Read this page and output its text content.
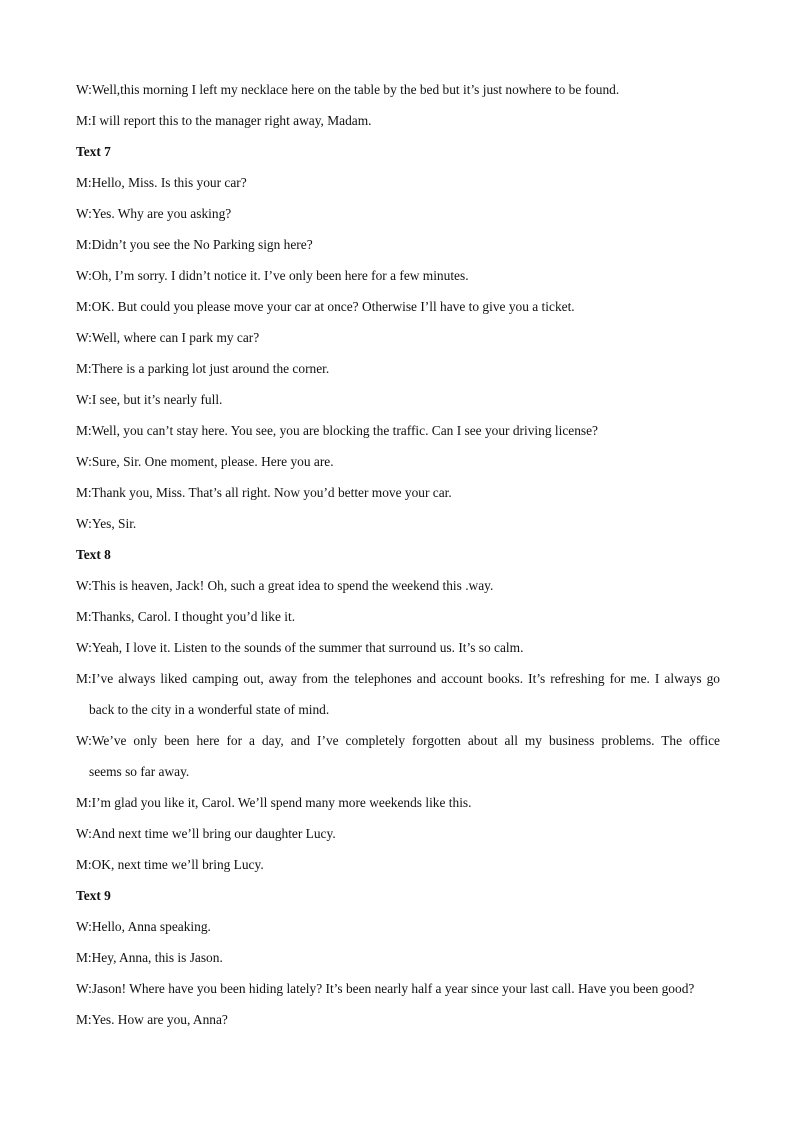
W:Well,this morning I left my necklace here on the table by the bed but it’s just nowhere to be found.
M:I will report this to the manager right away, Madam.
Text 7
M:Hello, Miss. Is this your car?
W:Yes. Why are you asking?
M:Didn’t you see the No Parking sign here?
W:Oh, I’m sorry. I didn’t notice it. I’ve only been here for a few minutes.
M:OK. But could you please move your car at once? Otherwise I’ll have to give you a ticket.
W:Well, where can I park my car?
M:There is a parking lot just around the corner.
W:I see, but it’s nearly full.
M:Well, you can’t stay here. You see, you are blocking the traffic. Can I see your driving license?
W:Sure, Sir. One moment, please. Here you are.
M:Thank you, Miss. That’s all right. Now you’d better move your car.
W:Yes, Sir.
Text 8
W:This is heaven, Jack! Oh, such a great idea to spend the weekend this .way.
M:Thanks, Carol. I thought you’d like it.
W:Yeah, I love it. Listen to the sounds of the summer that surround us. It’s so calm.
M:I’ve always liked camping out, away from the telephones and account books. It’s refreshing for me. I always go
back to the city in a wonderful state of mind.
W:We’ve only been here for a day, and I’ve completely forgotten about all my business problems. The office
seems so far away.
M:I’m glad you like it, Carol. We’ll spend many more weekends like this.
W:And next time we’ll bring our daughter Lucy.
M:OK, next time we’ll bring Lucy.
Text 9
W:Hello, Anna speaking.
M:Hey, Anna, this is Jason.
W:Jason! Where have you been hiding lately? It’s been nearly half a year since your last call. Have you been good?
M:Yes. How are you, Anna?
